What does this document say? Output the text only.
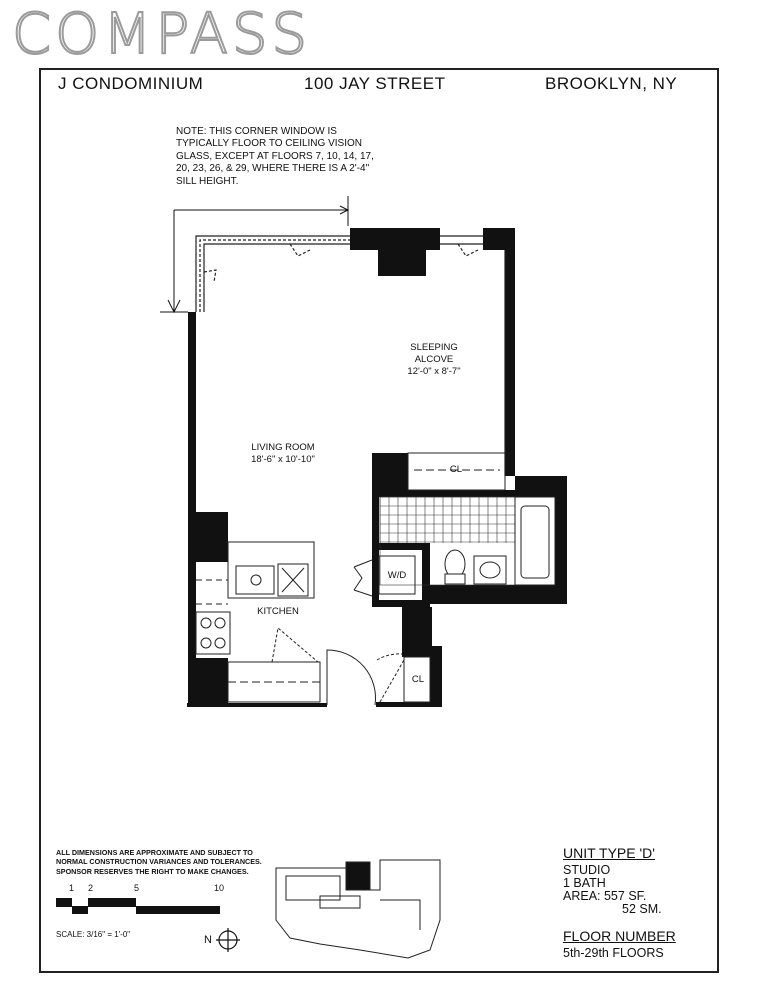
COMPASS
J CONDOMINIUM	100 JAY STREET	BROOKLYN, NY
NOTE: THIS CORNER WINDOW IS TYPICALLY FLOOR TO CEILING VISION GLASS, EXCEPT AT FLOORS 7, 10, 14, 17, 20, 23, 26, & 29, WHERE THERE IS A 2'-4" SILL HEIGHT.
SLEEPING ALCOVE
12'-0" x 8'-7"
LIVING ROOM
18'-6" x 10'-10"
KITCHEN
W/D
CL
CL
ALL DIMENSIONS ARE APPROXIMATE AND SUBJECT TO NORMAL CONSTRUCTION VARIANCES AND TOLERANCES. SPONSOR RESERVES THE RIGHT TO MAKE CHANGES.
1 2	5	10
SCALE: 3/16" = 1'-0"	N
UNIT TYPE 'D'
STUDIO
1 BATH
AREA: 557 SF.
52 SM.
FLOOR NUMBER
5th-29th FLOORS
